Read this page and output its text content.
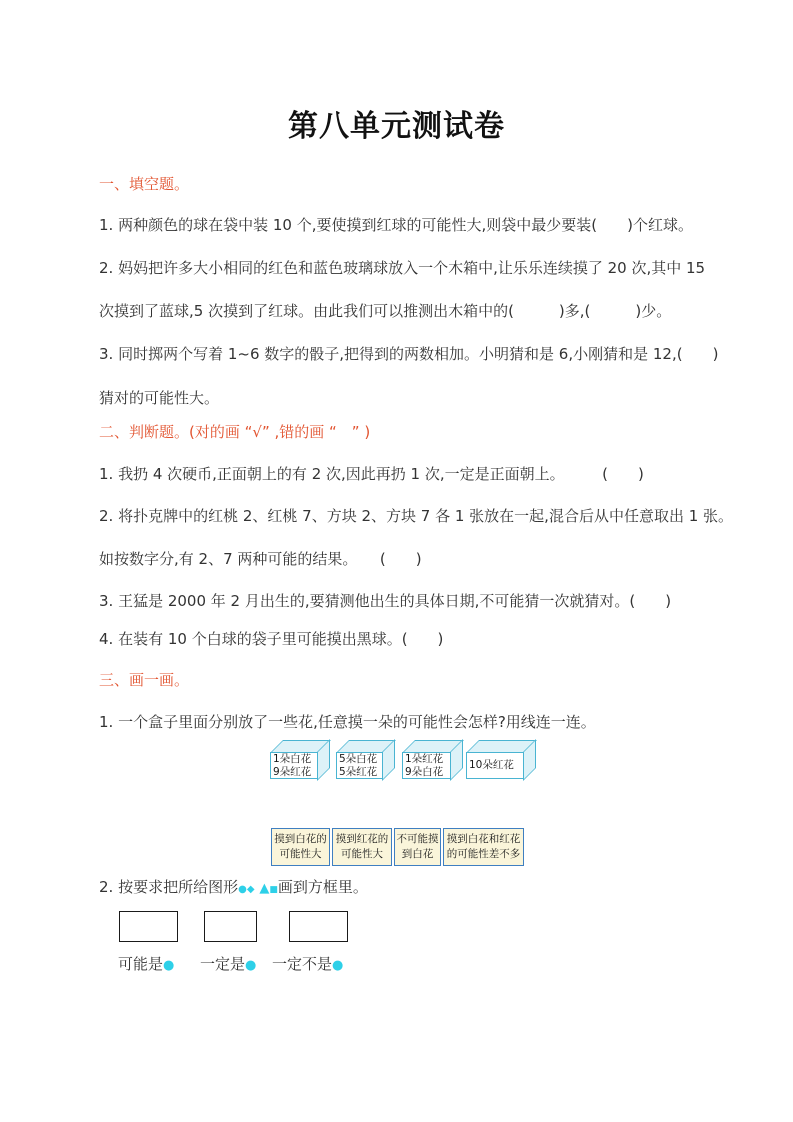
第八单元测试卷
一、填空题。
1. 两种颜色的球在袋中装 10 个,要使摸到红球的可能性大,则袋中最少要装(　　)个红球。
2. 妈妈把许多大小相同的红色和蓝色玻璃球放入一个木箱中,让乐乐连续摸了 20 次,其中 15
次摸到了蓝球,5 次摸到了红球。由此我们可以推测出木箱中的(　　　)多,(　　　)少。
3. 同时掷两个写着 1~6 数字的骰子,把得到的两数相加。小明猜和是 6,小刚猜和是 12,(　　)
猜对的可能性大。
二、判断题。(对的画 “√” ,错的画 “　” )
1. 我扔 4 次硬币,正面朝上的有 2 次,因此再扔 1 次,一定是正面朝上。　　　(　　)
2. 将扑克牌中的红桃 2、红桃 7、方块 2、方块 7 各 1 张放在一起,混合后从中任意取出 1 张。
如按数字分,有 2、7 两种可能的结果。　　(　　)
3. 王猛是 2000 年 2 月出生的,要猜测他出生的具体日期,不可能猜一次就猜对。(　　)
4. 在装有 10 个白球的袋子里可能摸出黑球。(　　)
三、画一画。
1. 一个盒子里面分别放了一些花,任意摸一朵的可能性会怎样?用线连一连。
1朵白花
9朵红花
5朵白花
5朵红花
1朵红花
9朵白花
10朵红花
摸到白花的
可能性大
摸到红花的
可能性大
不可能摸
到白花
摸到白花和红花
的可能性差不多
2. 按要求把所给图形●◆ ▲■画到方框里。
可能是● 一定是● 一定不是●
